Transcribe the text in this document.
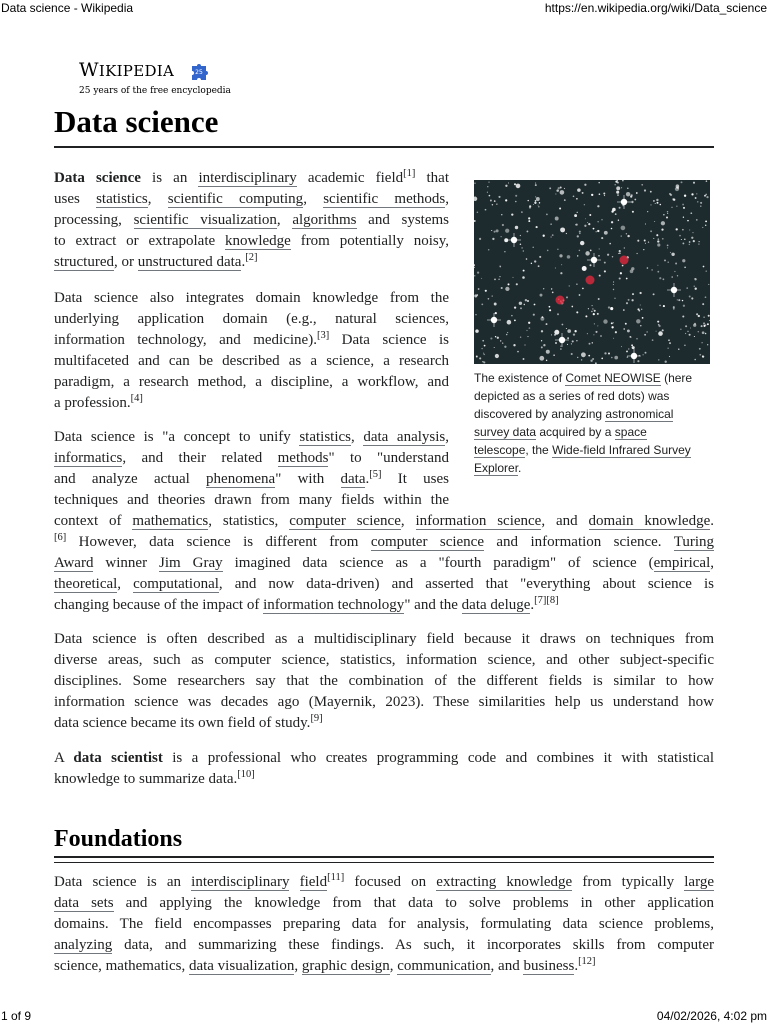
Data science - Wikipedia	https://en.wikipedia.org/wiki/Data_science
WIKIPEDIA	25
25 years of the free encyclopedia
Data science
Data science is an interdisciplinary academic field[1] that
uses statistics, scientific computing, scientific methods,
processing, scientific visualization, algorithms and systems
to extract or extrapolate knowledge from potentially noisy,
structured, or unstructured data.[2]
Data science also integrates domain knowledge from the
underlying application domain (e.g., natural sciences,
information technology, and medicine).[3] Data science is
multifaceted and can be described as a science, a research
paradigm, a research method, a discipline, a workflow, and
a profession.[4]
Data science is "a concept to unify statistics, data analysis,
informatics, and their related methods" to "understand
and analyze actual phenomena" with data.[5] It uses
techniques and theories drawn from many fields within the
context of mathematics, statistics, computer science, information science, and domain knowledge.
[6] However, data science is different from computer science and information science. Turing
Award winner Jim Gray imagined data science as a "fourth paradigm" of science (empirical,
theoretical, computational, and now data-driven) and asserted that "everything about science is
changing because of the impact of information technology" and the data deluge.[7][8]
Data science is often described as a multidisciplinary field because it draws on techniques from
diverse areas, such as computer science, statistics, information science, and other subject-specific
disciplines. Some researchers say that the combination of the different fields is similar to how
information science was decades ago (Mayernik, 2023). These similarities help us understand how
data science became its own field of study.[9]
A data scientist is a professional who creates programming code and combines it with statistical
knowledge to summarize data.[10]
The existence of Comet NEOWISE (here
depicted as a series of red dots) was
discovered by analyzing astronomical
survey data acquired by a space
telescope, the Wide-field Infrared Survey
Explorer.
Foundations
Data science is an interdisciplinary field[11] focused on extracting knowledge from typically large
data sets and applying the knowledge from that data to solve problems in other application
domains. The field encompasses preparing data for analysis, formulating data science problems,
analyzing data, and summarizing these findings. As such, it incorporates skills from computer
science, mathematics, data visualization, graphic design, communication, and business.[12]
1 of 9	04/02/2026, 4:02 pm
